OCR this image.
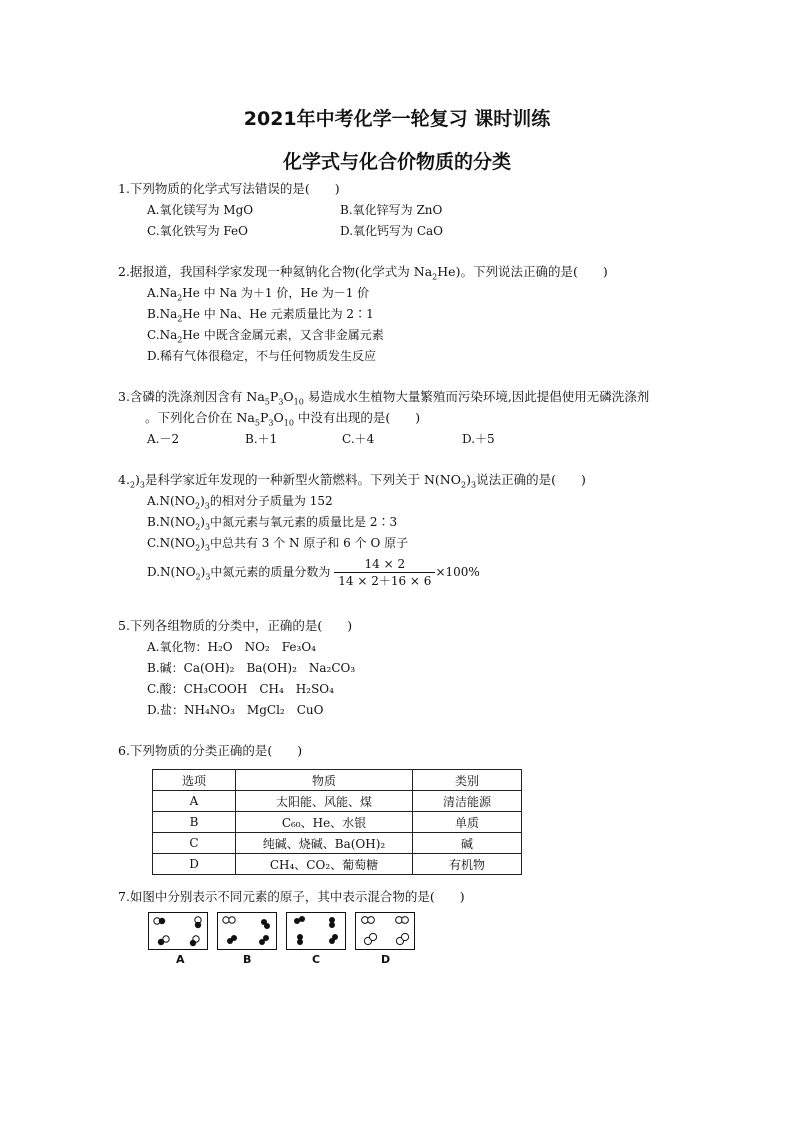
2021年中考化学一轮复习 课时训练
化学式与化合价物质的分类
1.下列物质的化学式写法错误的是(　　)
A.氧化镁写为 MgO	B.氧化锌写为 ZnO
C.氧化铁写为 FeO	D.氧化钙写为 CaO
2.据报道，我国科学家发现一种氦钠化合物(化学式为 $Na_2He$)。下列说法正确的是(　　)
$A.Na_2He$ 中 Na 为＋1 价，He 为－1 价
$B.Na_2He$ 中 Na、He 元素质量比为 2∶1
$C.Na_2He$ 中既含金属元素，又含非金属元素
D.稀有气体很稳定，不与任何物质发生反应
3.含磷的洗涤剂因含有 $Na_5P_3O_{10}$ 易造成水生植物大量繁殖而污染环境,因此提倡使用无磷洗涤剂
。下列化合价在 $Na_5P_3O_{10}$ 中没有出现的是(　　)
A.－2	B.＋1	C.＋4	D.＋5
$4._2)_3$是科学家近年发现的一种新型火箭燃料。下列关于 $N(NO_2)_3$说法正确的是(　　)
$A.N(NO_2)_3$的相对分子质量为 152
$B.N(NO_2)_3$中氮元素与氧元素的质量比是 2∶3
$C.N(NO_2)_3$中总共有 3 个 N 原子和 6 个 O 原子
$D.N(NO_2)_3$中氮元素的质量分数为 $\frac{14 \times 2}{14 \times 2+16 \times 6} \times 100\%$
5.下列各组物质的分类中，正确的是(　　)
A.氧化物：H₂O　NO₂　Fe₃O₄
B.碱：Ca(OH)₂　Ba(OH)₂　Na₂CO₃
C.酸：CH₃COOH　CH₄　H₂SO₄
D.盐：NH₄NO₃　MgCl₂　CuO
6.下列物质的分类正确的是(　　)
选项	物质	类别
A	太阳能、风能、煤	清洁能源
B	C₆₀、He、水银	单质
C	纯碱、烧碱、Ba(OH)₂	碱
D	CH₄、CO₂、葡萄糖	有机物
7.如图中分别表示不同元素的原子，其中表示混合物的是(　　)
A	B	C	D
